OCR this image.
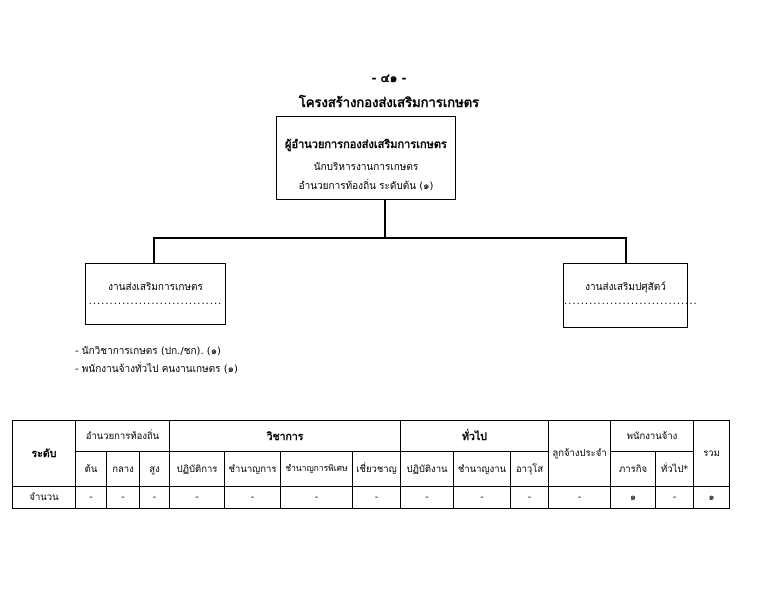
- ๔๑ -
โครงสร้างกองส่งเสริมการเกษตร
ผู้อำนวยการกองส่งเสริมการเกษตร
นักบริหารงานการเกษตร
อำนวยการท้องถิ่น ระดับต้น (๑)
งานส่งเสริมการเกษตร
................................
งานส่งเสริมปศุสัตว์
................................
- นักวิชาการเกษตร (ปก./ชก). (๑)
- พนักงานจ้างทั่วไป คนงานเกษตร (๑)
ระดับ	อำนวยการท้องถิ่น			วิชาการ				ทั่วไป			ลูกจ้างประจำ	พนักงานจ้าง		รวม
	ต้น	กลาง	สูง	ปฏิบัติการ	ชำนาญการ	ชำนาญการพิเศษ	เชี่ยวชาญ	ปฏิบัติงาน	ชำนาญงาน	อาวุโส		ภารกิจ	ทั่วไป*	
จำนวน	-	-	-	-	-	-	-	-	-	-	-	๑	-	๑
